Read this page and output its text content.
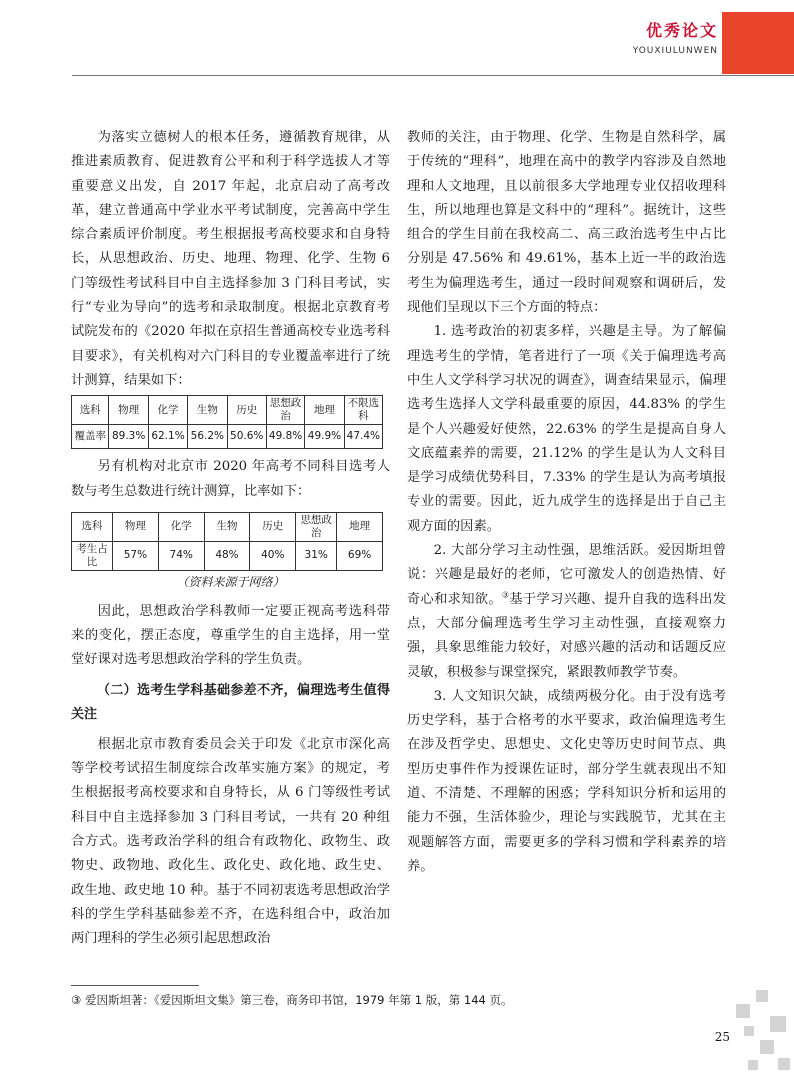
优秀论文
YOUXIULUNWEN

为落实立德树人的根本任务，遵循教育规律，从推进素质教育、促进教育公平和利于科学选拔人才等重要意义出发，自 2017 年起，北京启动了高考改革，建立普通高中学业水平考试制度，完善高中学生综合素质评价制度。考生根据报考高校要求和自身特长，从思想政治、历史、地理、物理、化学、生物 6 门等级性考试科目中自主选择参加 3 门科目考试，实行“专业为导向”的选考和录取制度。根据北京教育考试院发布的《2020 年拟在京招生普通高校专业选考科目要求》，有关机构对六门科目的专业覆盖率进行了统计测算，结果如下：

选科	物理	化学	生物	历史	思想政治	地理	不限选科
覆盖率	89.3%	62.1%	56.2%	50.6%	49.8%	49.9%	47.4%

另有机构对北京市 2020 年高考不同科目选考人数与考生总数进行统计测算，比率如下：

选科	物理	化学	生物	历史	思想政治	地理
考生占比	57%	74%	48%	40%	31%	69%
（资料来源于网络）

因此，思想政治学科教师一定要正视高考选科带来的变化，摆正态度，尊重学生的自主选择，用一堂堂好课对选考思想政治学科的学生负责。

（二）选考生学科基础参差不齐，偏理选考生值得关注

根据北京市教育委员会关于印发《北京市深化高等学校考试招生制度综合改革实施方案》的规定，考生根据报考高校要求和自身特长，从 6 门等级性考试科目中自主选择参加 3 门科目考试，一共有 20 种组合方式。选考政治学科的组合有政物化、政物生、政物史、政物地、政化生、政化史、政化地、政生史、政生地、政史地 10 种。基于不同初衷选考思想政治学科的学生学科基础参差不齐，在选科组合中，政治加两门理科的学生必须引起思想政治

教师的关注，由于物理、化学、生物是自然科学，属于传统的“理科”，地理在高中的教学内容涉及自然地理和人文地理，且以前很多大学地理专业仅招收理科生，所以地理也算是文科中的“理科”。据统计，这些组合的学生目前在我校高二、高三政治选考生中占比分别是 47.56% 和 49.61%，基本上近一半的政治选考生为偏理选考生，通过一段时间观察和调研后，发现他们呈现以下三个方面的特点：

1. 选考政治的初衷多样，兴趣是主导。为了解偏理选考生的学情，笔者进行了一项《关于偏理选考高中生人文学科学习状况的调查》，调查结果显示，偏理选考生选择人文学科最重要的原因，44.83% 的学生是个人兴趣爱好使然，22.63% 的学生是提高自身人文底蕴素养的需要，21.12% 的学生是认为人文科目是学习成绩优势科目，7.33% 的学生是认为高考填报专业的需要。因此，近九成学生的选择是出于自己主观方面的因素。

2. 大部分学习主动性强，思维活跃。爱因斯坦曾说：兴趣是最好的老师，它可激发人的创造热情、好奇心和求知欲。③基于学习兴趣、提升自我的选科出发点，大部分偏理选考生学习主动性强，直接观察力强，具象思维能力较好，对感兴趣的活动和话题反应灵敏，积极参与课堂探究，紧跟教师教学节奏。

3. 人文知识欠缺，成绩两极分化。由于没有选考历史学科，基于合格考的水平要求，政治偏理选考生在涉及哲学史、思想史、文化史等历史时间节点、典型历史事件作为授课佐证时，部分学生就表现出不知道、不清楚、不理解的困惑；学科知识分析和运用的能力不强，生活体验少，理论与实践脱节，尤其在主观题解答方面，需要更多的学科习惯和学科素养的培养。

③ 爱因斯坦著：《爱因斯坦文集》第三卷，商务印书馆，1979 年第 1 版，第 144 页。
25
